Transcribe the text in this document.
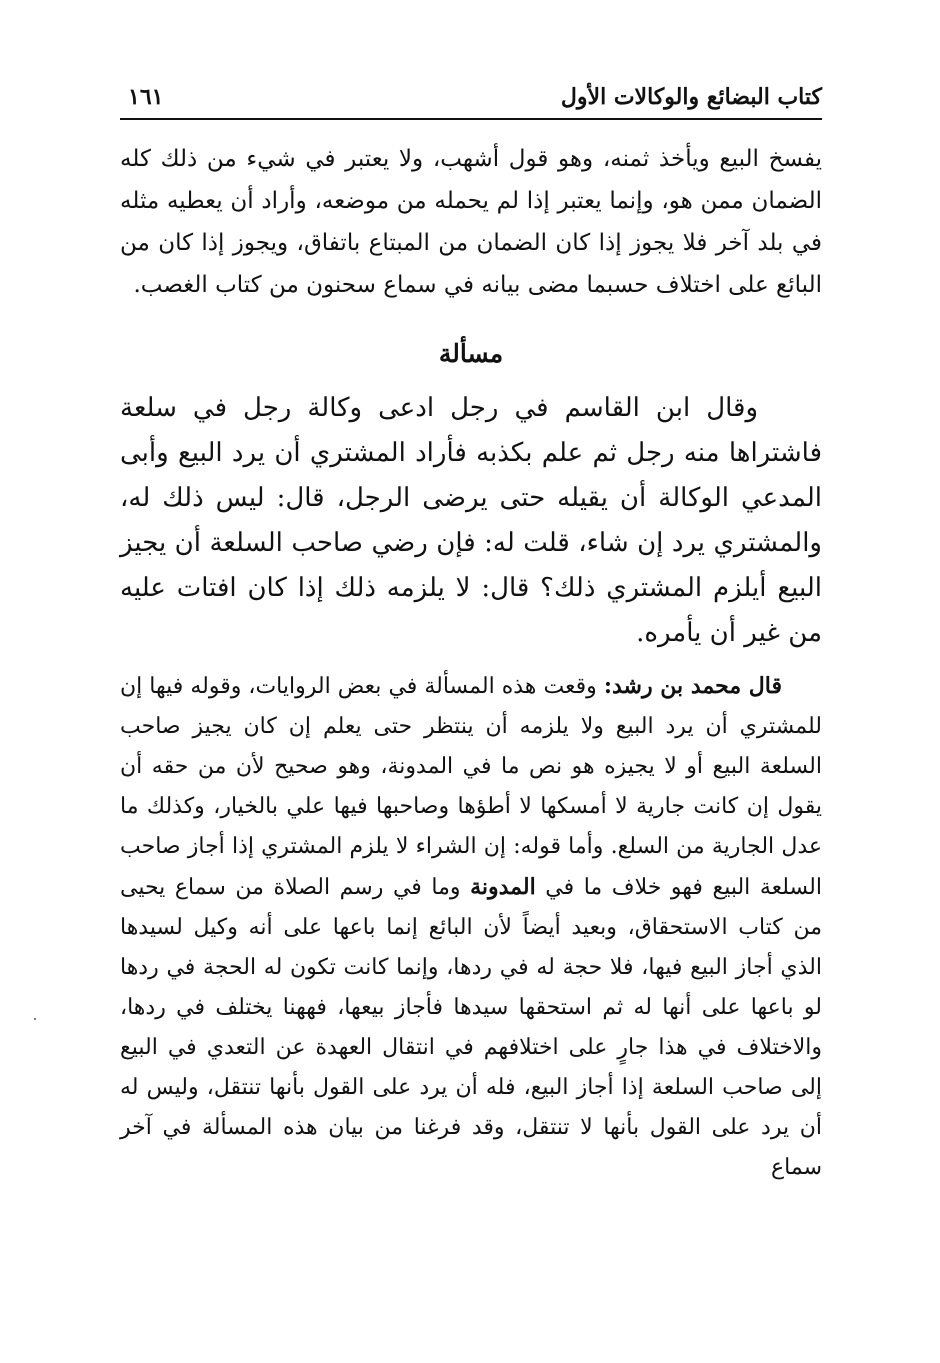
كتاب البضائع والوكالات الأول
١٦١

يفسخ البيع ويأخذ ثمنه، وهو قول أشهب، ولا يعتبر في شيء من ذلك كله الضمان ممن هو، وإنما يعتبر إذا لم يحمله من موضعه، وأراد أن يعطيه مثله في بلد آخر فلا يجوز إذا كان الضمان من المبتاع باتفاق، ويجوز إذا كان من البائع على اختلاف حسبما مضى بيانه في سماع سحنون من كتاب الغصب.

مسألة

وقال ابن القاسم في رجل ادعى وكالة رجل في سلعة فاشتراها منه رجل ثم علم بكذبه فأراد المشتري أن يرد البيع وأبى المدعي الوكالة أن يقيله حتى يرضى الرجل، قال: ليس ذلك له، والمشتري يرد إن شاء، قلت له: فإن رضي صاحب السلعة أن يجيز البيع أيلزم المشتري ذلك؟ قال: لا يلزمه ذلك إذا كان افتات عليه من غير أن يأمره.

قال محمد بن رشد: وقعت هذه المسألة في بعض الروايات، وقوله فيها إن للمشتري أن يرد البيع ولا يلزمه أن ينتظر حتى يعلم إن كان يجيز صاحب السلعة البيع أو لا يجيزه هو نص ما في المدونة، وهو صحيح لأن من حقه أن يقول إن كانت جارية لا أمسكها لا أطؤها وصاحبها فيها علي بالخيار، وكذلك ما عدل الجارية من السلع. وأما قوله: إن الشراء لا يلزم المشتري إذا أجاز صاحب السلعة البيع فهو خلاف ما في المدونة وما في رسم الصلاة من سماع يحيى من كتاب الاستحقاق، وبعيد أيضاً لأن البائع إنما باعها على أنه وكيل لسيدها الذي أجاز البيع فيها، فلا حجة له في ردها، وإنما كانت تكون له الحجة في ردها لو باعها على أنها له ثم استحقها سيدها فأجاز بيعها، فههنا يختلف في ردها، والاختلاف في هذا جارٍ على اختلافهم في انتقال العهدة عن التعدي في البيع إلى صاحب السلعة إذا أجاز البيع، فله أن يرد على القول بأنها تنتقل، وليس له أن يرد على القول بأنها لا تنتقل، وقد فرغنا من بيان هذه المسألة في آخر سماع
